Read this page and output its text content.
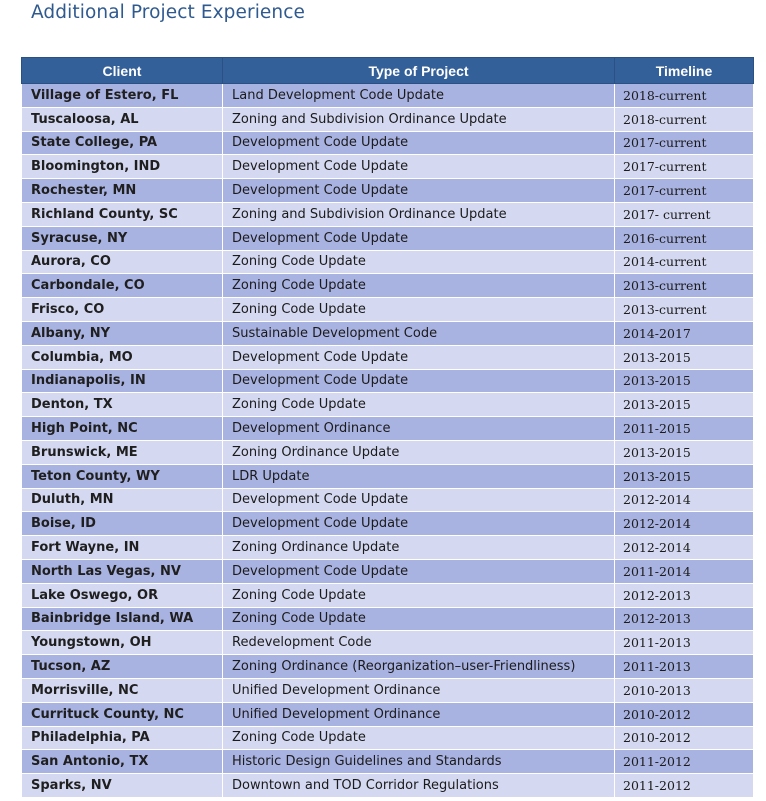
Additional Project Experience
Client	Type of Project	Timeline
Village of Estero, FL	Land Development Code Update	2018-current
Tuscaloosa, AL	Zoning and Subdivision Ordinance Update	2018-current
State College, PA	Development Code Update	2017-current
Bloomington, IND	Development Code Update	2017-current
Rochester, MN	Development Code Update	2017-current
Richland County, SC	Zoning and Subdivision Ordinance Update	2017- current
Syracuse, NY	Development Code Update	2016-current
Aurora, CO	Zoning Code Update	2014-current
Carbondale, CO	Zoning Code Update	2013-current
Frisco, CO	Zoning Code Update	2013-current
Albany, NY	Sustainable Development Code	2014-2017
Columbia, MO	Development Code Update	2013-2015
Indianapolis, IN	Development Code Update	2013-2015
Denton, TX	Zoning Code Update	2013-2015
High Point, NC	Development Ordinance	2011-2015
Brunswick, ME	Zoning Ordinance Update	2013-2015
Teton County, WY	LDR Update	2013-2015
Duluth, MN	Development Code Update	2012-2014
Boise, ID	Development Code Update	2012-2014
Fort Wayne, IN	Zoning Ordinance Update	2012-2014
North Las Vegas, NV	Development Code Update	2011-2014
Lake Oswego, OR	Zoning Code Update	2012-2013
Bainbridge Island, WA	Zoning Code Update	2012-2013
Youngstown, OH	Redevelopment Code	2011-2013
Tucson, AZ	Zoning Ordinance (Reorganization–user-Friendliness)	2011-2013
Morrisville, NC	Unified Development Ordinance	2010-2013
Currituck County, NC	Unified Development Ordinance	2010-2012
Philadelphia, PA	Zoning Code Update	2010-2012
San Antonio, TX	Historic Design Guidelines and Standards	2011-2012
Sparks, NV	Downtown and TOD Corridor Regulations	2011-2012
